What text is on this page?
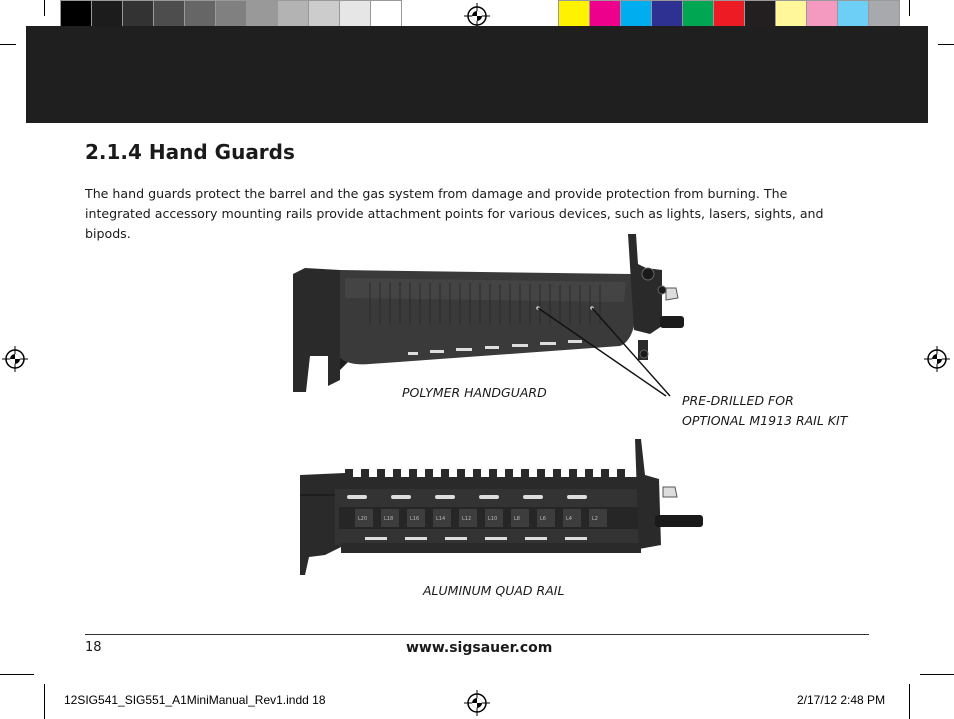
2.1.4 Hand Guards

The hand guards protect the barrel and the gas system from damage and provide protection from burning. The integrated accessory mounting rails provide attachment points for various devices, such as lights, lasers, sights, and bipods.

POLYMER HANDGUARD
PRE-DRILLED FOR
OPTIONAL M1913 RAIL KIT
L20	L18	L16	L14	L12	L10	L8	L6	L4	L2
ALUMINUM QUAD RAIL
18	www.sigsauer.com
12SIG541_SIG551_A1MiniManual_Rev1.indd 18	2/17/12 2:48 PM
